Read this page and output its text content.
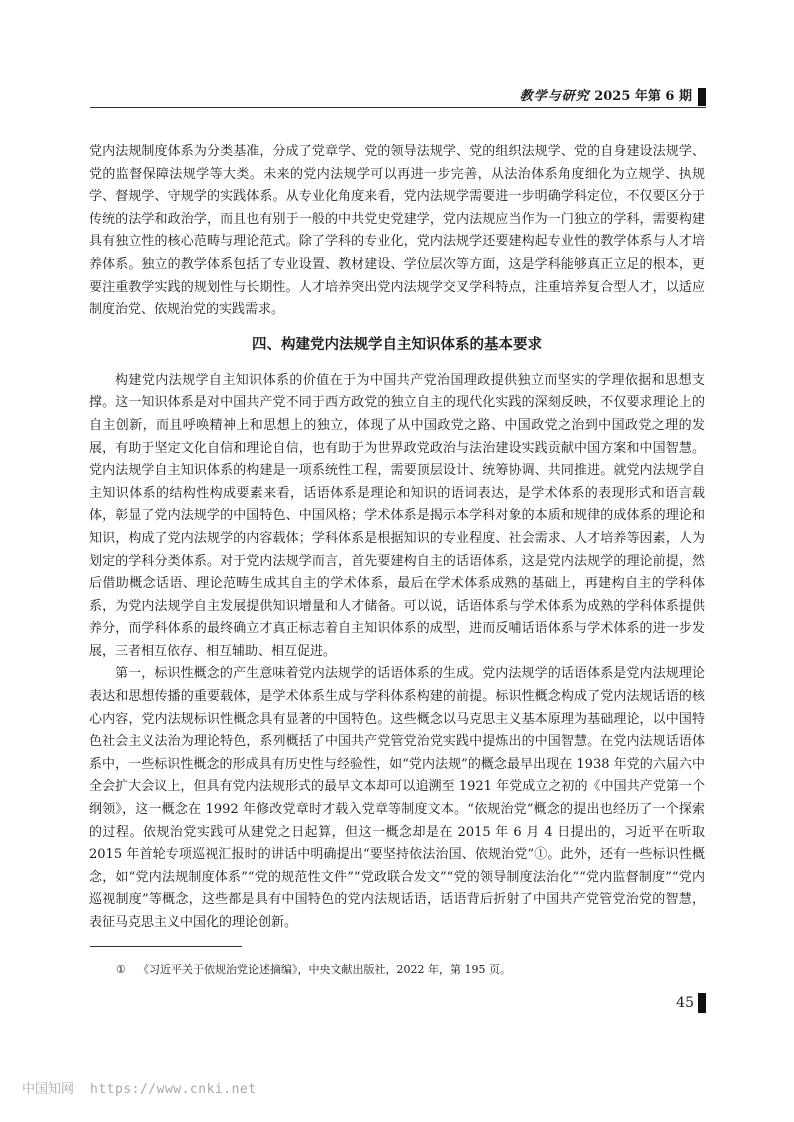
教学与研究 2025 年第 6 期

党内法规制度体系为分类基准，分成了党章学、党的领导法规学、党的组织法规学、党的自身建设法规学、党的监督保障法规学等大类。未来的党内法规学可以再进一步完善，从法治体系角度细化为立规学、执规学、督规学、守规学的实践体系。从专业化角度来看，党内法规学需要进一步明确学科定位，不仅要区分于传统的法学和政治学，而且也有别于一般的中共党史党建学，党内法规应当作为一门独立的学科，需要构建具有独立性的核心范畴与理论范式。除了学科的专业化，党内法规学还要建构起专业性的教学体系与人才培养体系。独立的教学体系包括了专业设置、教材建设、学位层次等方面，这是学科能够真正立足的根本，更要注重教学实践的规划性与长期性。人才培养突出党内法规学交叉学科特点，注重培养复合型人才，以适应制度治党、依规治党的实践需求。

四、构建党内法规学自主知识体系的基本要求

构建党内法规学自主知识体系的价值在于为中国共产党治国理政提供独立而坚实的学理依据和思想支撑。这一知识体系是对中国共产党不同于西方政党的独立自主的现代化实践的深刻反映，不仅要求理论上的自主创新，而且呼唤精神上和思想上的独立，体现了从中国政党之路、中国政党之治到中国政党之理的发展，有助于坚定文化自信和理论自信，也有助于为世界政党政治与法治建设实践贡献中国方案和中国智慧。党内法规学自主知识体系的构建是一项系统性工程，需要顶层设计、统筹协调、共同推进。就党内法规学自主知识体系的结构性构成要素来看，话语体系是理论和知识的语词表达，是学术体系的表现形式和语言载体，彰显了党内法规学的中国特色、中国风格；学术体系是揭示本学科对象的本质和规律的成体系的理论和知识，构成了党内法规学的内容载体；学科体系是根据知识的专业程度、社会需求、人才培养等因素，人为划定的学科分类体系。对于党内法规学而言，首先要建构自主的话语体系，这是党内法规学的理论前提，然后借助概念话语、理论范畴生成其自主的学术体系，最后在学术体系成熟的基础上，再建构自主的学科体系，为党内法规学自主发展提供知识增量和人才储备。可以说，话语体系与学术体系为成熟的学科体系提供养分，而学科体系的最终确立才真正标志着自主知识体系的成型，进而反哺话语体系与学术体系的进一步发展，三者相互依存、相互辅助、相互促进。

第一，标识性概念的产生意味着党内法规学的话语体系的生成。党内法规学的话语体系是党内法规理论表达和思想传播的重要载体，是学术体系生成与学科体系构建的前提。标识性概念构成了党内法规话语的核心内容，党内法规标识性概念具有显著的中国特色。这些概念以马克思主义基本原理为基础理论，以中国特色社会主义法治为理论特色，系列概括了中国共产党管党治党实践中提炼出的中国智慧。在党内法规话语体系中，一些标识性概念的形成具有历史性与经验性，如“党内法规”的概念最早出现在 1938 年党的六届六中全会扩大会议上，但具有党内法规形式的最早文本却可以追溯至 1921 年党成立之初的《中国共产党第一个纲领》，这一概念在 1992 年修改党章时才载入党章等制度文本。“依规治党”概念的提出也经历了一个探索的过程。依规治党实践可从建党之日起算，但这一概念却是在 2015 年 6 月 4 日提出的，习近平在听取 2015 年首轮专项巡视汇报时的讲话中明确提出“要坚持依法治国、依规治党”①。此外，还有一些标识性概念，如“党内法规制度体系”“党的规范性文件”“党政联合发文”“党的领导制度法治化”“党内监督制度”“党内巡视制度”等概念，这些都是具有中国特色的党内法规话语，话语背后折射了中国共产党管党治党的智慧，表征马克思主义中国化的理论创新。

① 《习近平关于依规治党论述摘编》，中央文献出版社，2022 年，第 195 页。
45
中国知网 https://www.cnki.net
